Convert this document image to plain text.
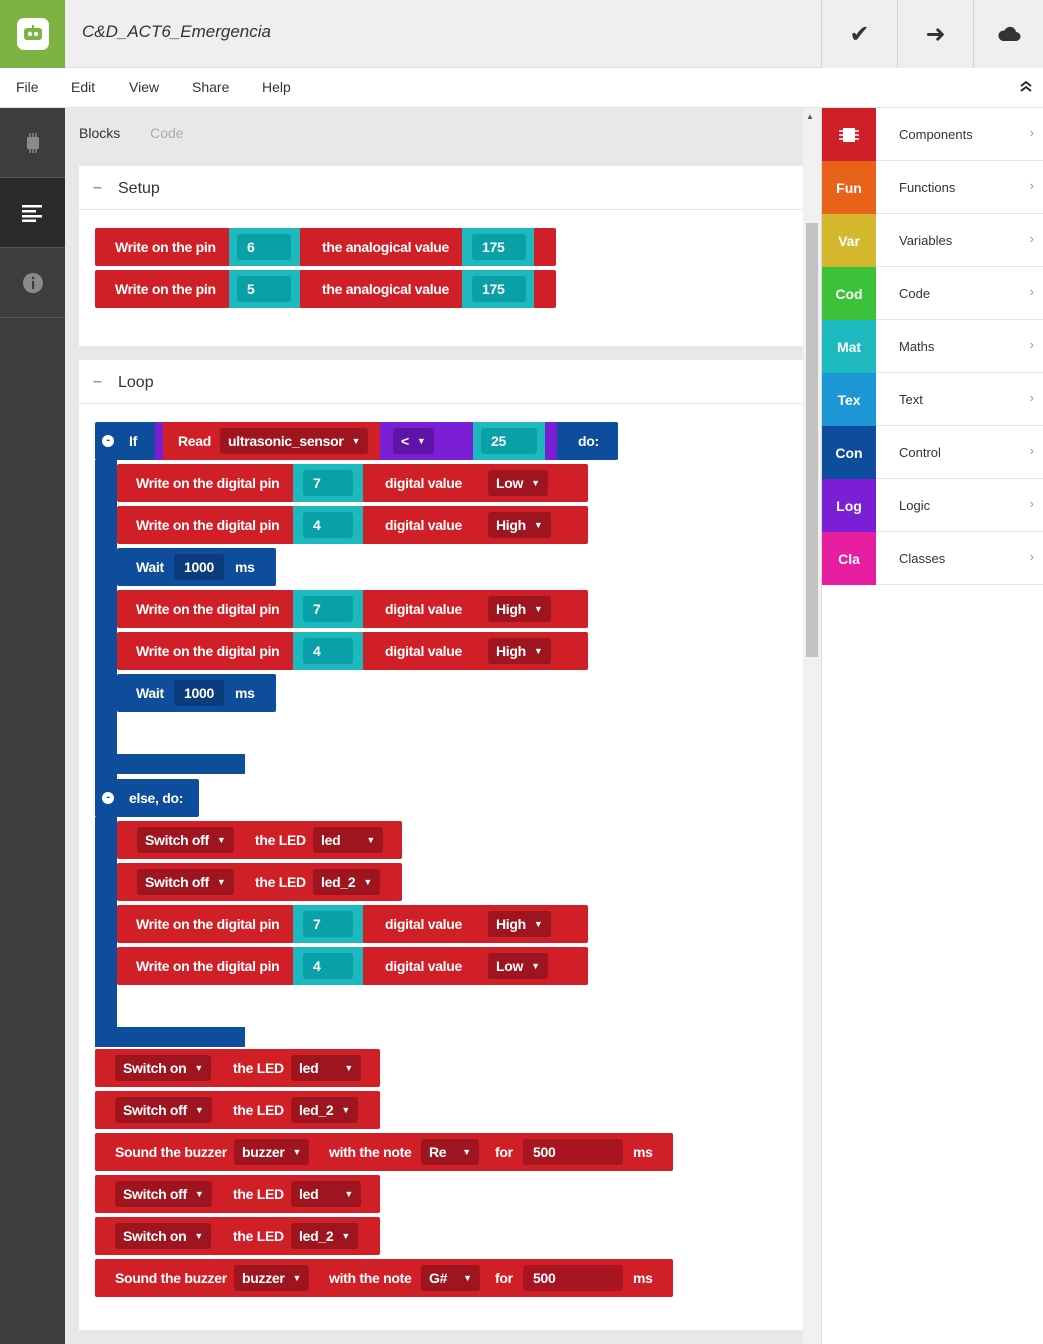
C&D_ACT6_Emergencia	✔ ➜
File Edit View Share Help
Blocks Code
– Setup
Write on the pin	6	the analogical value	175
Write on the pin	5	the analogical value	175
– Loop
-	If	Read ultrasonic_sensor ▼	< ▼	25	do:
Write on the digital pin	7	digital value Low ▼
Write on the digital pin	4	digital value High ▼
Wait	1000	ms
Write on the digital pin	7	digital value High ▼
Write on the digital pin	4	digital value High ▼
Wait	1000	ms
-	else, do:
Switch off ▼ the LED led	▼
Switch off ▼ the LED led_2 ▼
Write on the digital pin	7	digital value High ▼
Write on the digital pin	4	digital value Low ▼
Switch on ▼ the LED led	▼
Switch off ▼ the LED led_2 ▼
Sound the buzzer buzzer ▼ with the note Re ▼ for	500	ms
Switch off ▼ the LED led	▼
Switch on ▼ the LED led_2 ▼
Sound the buzzer buzzer ▼ with the note G# ▼ for	500	ms
▲
Components	›
Fun	Functions	›
Var	Variables	›
Cod	Code	›
Mat	Maths	›
Tex	Text	›
Con	Control	›
Log	Logic	›
Cla	Classes	›
